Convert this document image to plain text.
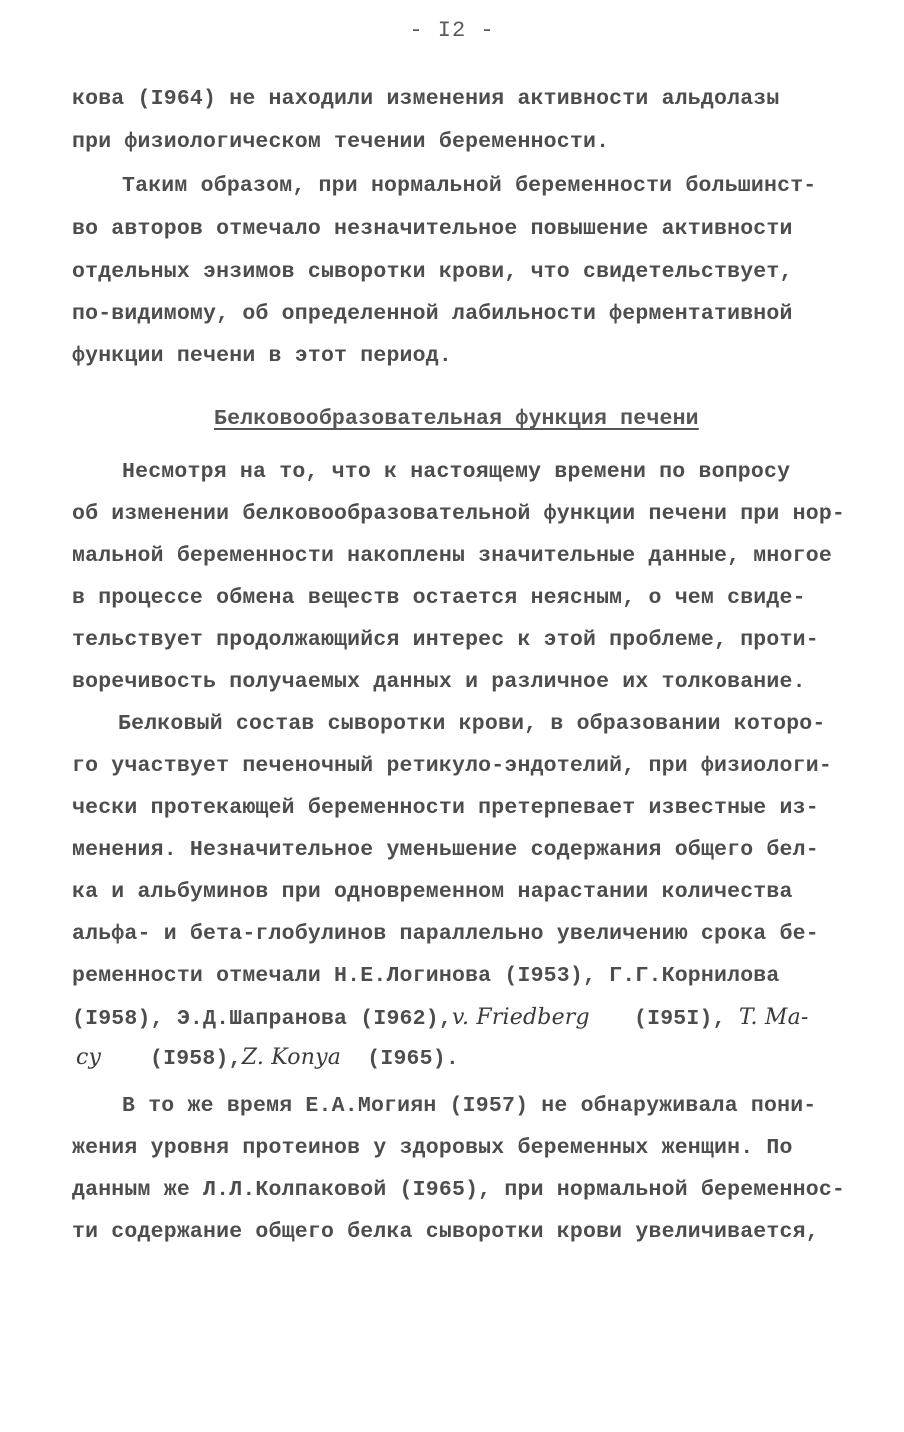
- I2 -
кова (I964) не находили изменения активности альдолазы
при физиологическом течении беременности.
Таким образом, при нормальной беременности большинст-
во авторов отмечало незначительное повышение активности
отдельных энзимов сыворотки крови, что свидетельствует,
по-видимому, об определенной лабильности ферментативной
функции печени в этот период.
Белковообразовательная функция печени
Несмотря на то, что к настоящему времени по вопросу
об изменении белковообразовательной функции печени при нор-
мальной беременности накоплены значительные данные, многое
в процессе обмена веществ остается неясным, о чем свиде-
тельствует продолжающийся интерес к этой проблеме, проти-
воречивость получаемых данных и различное их толкование.
Белковый состав сыворотки крови, в образовании которо-
го участвует печеночный ретикуло-эндотелий, при физиологи-
чески протекающей беременности претерпевает известные из-
менения. Незначительное уменьшение содержания общего бел-
ка и альбуминов при одновременном нарастании количества
альфа- и бета-глобулинов параллельно увеличению срока бе-
ременности отмечали Н.Е.Логинова (I953), Г.Г.Корнилова
(I958), Э.Д.Шапранова (I962),v. Friedberg (I95I), T. Ma-
cy (I958),Z. Konya (I965).
В то же время Е.А.Могиян (I957) не обнаруживала пони-
жения уровня протеинов у здоровых беременных женщин. По
данным же Л.Л.Колпаковой (I965), при нормальной беременнос-
ти содержание общего белка сыворотки крови увеличивается,
